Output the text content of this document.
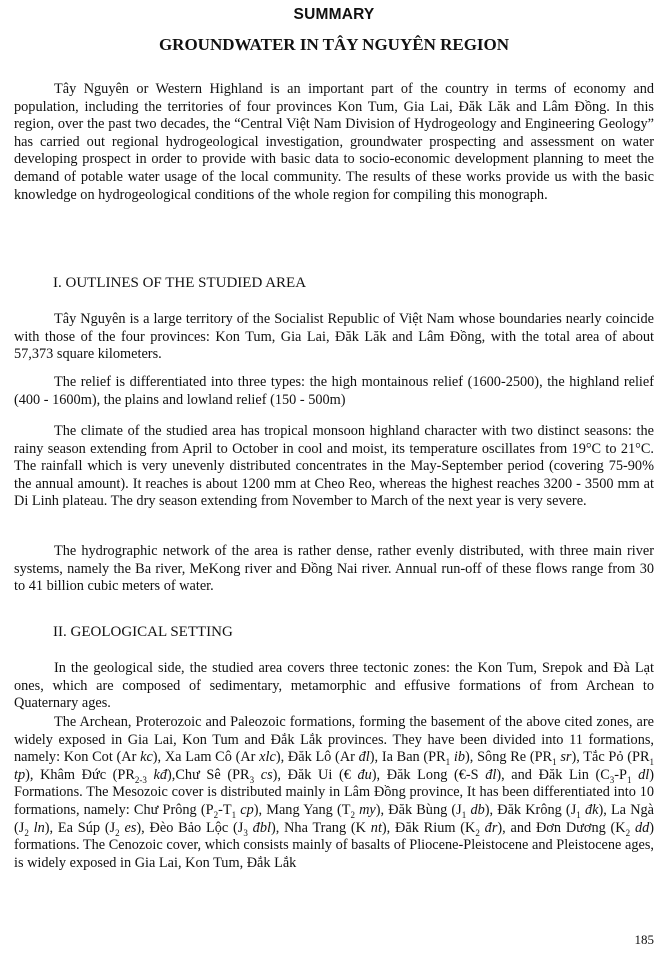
SUMMARY
GROUNDWATER IN TÂY NGUYÊN REGION

Tây Nguyên or Western Highland is an important part of the country in terms of economy and population, including the territories of four provinces Kon Tum, Gia Lai, Đăk Lăk and Lâm Đồng. In this region, over the past two decades, the “Central Việt Nam Division of Hydrogeology and Engineering Geology” has carried out regional hydrogeological investigation, groundwater prospecting and assessment on water developing prospect in order to provide with basic data to socio-economic development planning to meet the demand of potable water usage of the local community. The results of these works provide us with the basic knowledge on hydrogeological conditions of the whole region for compiling this monograph.

I. OUTLINES OF THE STUDIED AREA

Tây Nguyên is a large territory of the Socialist Republic of Việt Nam whose boundaries nearly coincide with those of the four provinces: Kon Tum, Gia Lai, Đăk Lăk and Lâm Đồng, with the total area of about 57,373 square kilometers.

The relief is differentiated into three types: the high montainous relief (1600-2500), the highland relief (400 - 1600m), the plains and lowland relief (150 - 500m)

The climate of the studied area has tropical monsoon highland character with two distinct seasons: the rainy season extending from April to October in cool and moist, its temperature oscillates from 19°C to 21°C. The rainfall which is very unevenly distributed concentrates in the May-September period (covering 75-90% the annual amount). It reaches is about 1200 mm at Cheo Reo, whereas the highest reaches 3200 - 3500 mm at Di Linh plateau. The dry season extending from November to March of the next year is very severe.

The hydrographic network of the area is rather dense, rather evenly distributed, with three main river systems, namely the Ba river, MeKong river and Đồng Nai river. Annual run-off of these flows range from 30 to 41 billion cubic meters of water.

II. GEOLOGICAL SETTING

In the geological side, the studied area covers three tectonic zones: the Kon Tum, Srepok and Đà Lạt ones, which are composed of sedimentary, metamorphic and effusive formations of from Archean to Quaternary ages.

The Archean, Proterozoic and Paleozoic formations, forming the basement of the above cited zones, are widely exposed in Gia Lai, Kon Tum and Đắk Lắk provinces. They have been divided into 11 formations, namely: Kon Cot (Ar kc), Xa Lam Cô (Ar xlc), Đăk Lô (Ar đl), Ia Ban ($PR_1$ ib), Sông Re ($PR_1$ sr), Tắc Pỏ ($PR_1$ tp), Khâm Đức ($PR_{2-3}$ kđ),Chư Sê ($PR_3$ cs), Đăk Ui (€ đu), Đăk Long (€-S đl), and Đăk Lin ($C_3-P_1$ dl) Formations. The Mesozoic cover is distributed mainly in Lâm Đồng province, It has been differentiated into 10 formations, namely: Chư Prông ($P_2-T_1$ cp), Mang Yang ($T_2$ my), Đăk Bùng ($J_1$ db), Đăk Krông ($J_1$ đk), La Ngà ($J_2$ ln), Ea Súp ($J_2$ es), Đèo Bảo Lộc ($J_3$ đbl), Nha Trang (K nt), Đăk Rium ($K_2$ đr), and Đơn Dương ($K_2$ dd) formations. The Cenozoic cover, which consists mainly of basalts of Pliocene-Pleistocene and Pleistocene ages, is widely exposed in Gia Lai, Kon Tum, Đắk Lắk

185
